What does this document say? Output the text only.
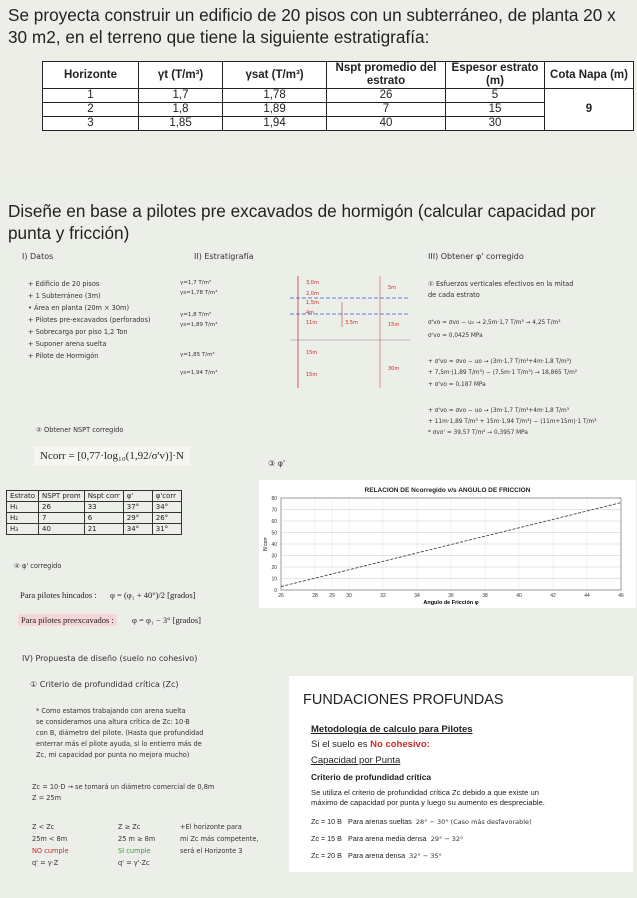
Se proyecta construir un edificio de 20 pisos con un subterráneo, de planta 20 x 30 m2, en el terreno que tiene la siguiente estratigrafía:
Horizonte	γt (T/m³)	γsat (T/m³)	Nspt promedio del estrato	Espesor estrato (m)	Cota Napa (m)
1	1,7	1,78	26	5	9
2	1,8	1,89	7	15	
3	1,85	1,94	40	30	
Diseñe en base a pilotes pre excavados de hormigón (calcular capacidad por punta y fricción)
I) Datos
+ Edificio de 20 pisos
+ 1 Subterráneo (3m)
• Área en planta (20m × 30m)
+ Pilotes pre-excavados (perforados)
+ Sobrecarga por piso 1,2 Ton
+ Suponer arena suelta
+ Pilote de Hormigón
II) Estratigrafía
γ=1,7 T/m³
γs=1,78 T/m³
γ=1,8 T/m³
γs=1,89 T/m³
γ=1,85 T/m³
γs=1,94 T/m³
3,0m
2,0m
4m
11m	3,5m
5m
15m
30m
15m
15m
1,5m
III) Obtener φ' corregido
① Esfuerzos verticales efectivos en la mitad
de cada estrato
σ'vo = σvo − u₀ → 2,5m·1,7 T/m³ → 4,25 T/m²
σ'vo = 0,0425 MPa
+ σ'vo = σvo − uo → (3m·1,7 T/m³+4m·1,8 T/m³)
+ 7,5m·(1,89 T/m³) − (7,5m·1 T/m³) → 18,865 T/m²
+ σ'vo = 0,187 MPa
+ σ'vo = σvo − uo → (3m·1,7 T/m³+4m·1,8 T/m³
+ 11m·1,89 T/m³ + 15m·1,94 T/m³) − (11m+15m)·1 T/m³
* σvo' = 39,57 T/m² → 0,3957 MPa
② Obtener NSPT corregido
Ncorr = [0,77·log₁₀(1,92/σ'v)]·N
③ φ'
Estrato	NSPT prom	Nspt corr	φ'	φ'corr
H₁	26	33	37°	34°
H₂	7	6	29°	26°
H₃	40	21	34°	31°
RELACION DE Ncorregido v/s ANGULO DE FRICCION
0
10
20
30
40
50
60
70
80
26	28 29 30	32	34	36	38	40	42	44	46
Angulo de Fricción φ
N corr
④ φ' corregido
Para pilotes hincados : φ = (φ₁ + 40°)/2 [grados]
Para pilotes preexcavados :	φ = φ₁ − 3° [grados]
IV) Propuesta de diseño (suelo no cohesivo)
① Criterio de profundidad crítica (Zc)
* Como estamos trabajando con arena suelta
se consideramos una altura crítica de Zc: 10·B
con B, diámetro del pilote. (Hasta que profundidad
enterrar más el pilote ayuda, si lo entierro más de
Zc, mi capacidad por punta no mejora mucho)
Zc = 10·D → se tomará un diámetro comercial de 0,8m
Z = 25m
Z < Zc
25m < 8m
NO cumple
q' = γ·Z
Z ≥ Zc
25 m ≥ 8m
SI cumple
q' = γ'·Zc
+El horizonte para
mi Zc más competente,
será el Horizonte 3
FUNDACIONES PROFUNDAS
Metodología de calculo para Pilotes
Si el suelo es No cohesivo:
Capacidad por Punta
Criterio de profundidad crítica
Se utiliza el criterio de profundidad crítica Zc debido a que existe un
máximo de capacidad por punta y luego su aumento es despreciable.
Zc = 10 B Para arenas sueltas 28° − 30° (Caso más desfavorable)
Zc = 15 B Para arena media densa 29° − 32°
Zc = 20 B Para arena densa 32° − 35°
